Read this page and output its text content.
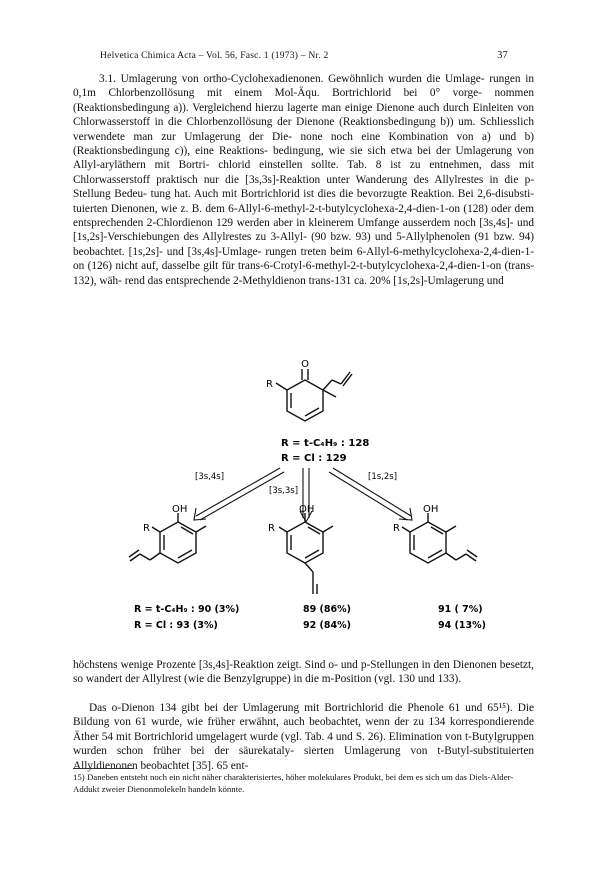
Helvetica Chimica Acta – Vol. 56, Fasc. 1 (1973) – Nr. 2	37
3.1. Umlagerung von ortho-Cyclohexadienonen. Gewöhnlich wurden die Umlage- rungen in 0,1m Chlorbenzollösung mit einem Mol-Äqu. Bortrichlorid bei 0° vorge- nommen (Reaktionsbedingung a)). Vergleichend hierzu lagerte man einige Dienone auch durch Einleiten von Chlorwasserstoff in die Chlorbenzollösung der Dienone (Reaktionsbedingung b)) um. Schliesslich verwendete man zur Umlagerung der Die- none noch eine Kombination von a) und b) (Reaktionsbedingung c)), eine Reaktions- bedingung, wie sie sich etwa bei der Umlagerung von Allyl-aryläthern mit Bortri- chlorid einstellen sollte. Tab. 8 ist zu entnehmen, dass mit Chlorwasserstoff praktisch nur die [3s,3s]-Reaktion unter Wanderung des Allylrestes in die p-Stellung Bedeu- tung hat. Auch mit Bortrichlorid ist dies die bevorzugte Reaktion. Bei 2,6-disubsti- tuierten Dienonen, wie z. B. dem 6-Allyl-6-methyl-2-t-butylcyclohexa-2,4-dien-1-on (128) oder dem entsprechenden 2-Chlordienon 129 werden aber in kleinerem Umfange ausserdem noch [3s,4s]- und [1s,2s]-Verschiebungen des Allylrestes zu 3-Allyl- (90 bzw. 93) und 5-Allylphenolen (91 bzw. 94) beobachtet. [1s,2s]- und [3s,4s]-Umlage- rungen treten beim 6-Allyl-6-methylcyclohexa-2,4-dien-1-on (126) nicht auf, dasselbe gilt für trans-6-Crotyl-6-methyl-2-t-butylcyclohexa-2,4-dien-1-on (trans-132), wäh- rend das entsprechende 2-Methyldienon trans-131 ca. 20% [1s,2s]-Umlagerung und
O
R
R = t-C₄H₉ : 128
R = Cl : 129
[3s,4s]
[3s,3s]
[1s,2s]
OH
R
OH
R
OH
R
R = t-C₄H₉ : 90 (3%)
R = Cl : 93 (3%)
89 (86%)
92 (84%)
91 ( 7%)
94 (13%)
höchstens wenige Prozente [3s,4s]-Reaktion zeigt. Sind o- und p-Stellungen in den Dienonen besetzt, so wandert der Allylrest (wie die Benzylgruppe) in die m-Position (vgl. 130 und 133).
Das o-Dienon 134 gibt bei der Umlagerung mit Bortrichlorid die Phenole 61 und 65¹⁵). Die Bildung von 61 wurde, wie früher erwähnt, auch beobachtet, wenn der zu 134 korrespondierende Äther 54 mit Bortrichlorid umgelagert wurde (vgl. Tab. 4 und S. 26). Elimination von t-Butylgruppen wurden schon früher bei der säurekataly- sierten Umlagerung von t-Butyl-substituierten Allyldienonen beobachtet [35]. 65 ent-
15) Daneben entsteht noch ein nicht näher charakterisiertes, höher molekulares Produkt, bei dem es sich um das Diels-Alder-Addukt zweier Dienonmolekeln handeln könnte.
